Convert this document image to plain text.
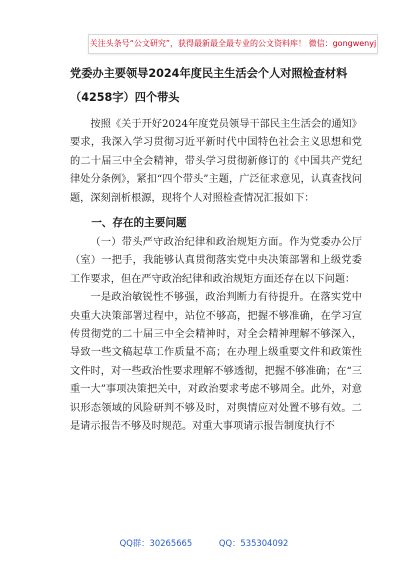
关注头条号“公文研究”，获得最新最全最专业的公文资料库！ 微信：gongwenyj
党委办主要领导2024年度民主生活会个人对照检查材料（4258字）四个带头

按照《关于开好2024年度党员领导干部民主生活会的通知》要求，我深入学习贯彻习近平新时代中国特色社会主义思想和党的二十届三中全会精神，带头学习贯彻新修订的《中国共产党纪律处分条例》，紧扣“四个带头”主题，广泛征求意见，认真查找问题，深刻剖析根源，现将个人对照检查情况汇报如下：

一、存在的主要问题

（一）带头严守政治纪律和政治规矩方面。作为党委办公厅（室）一把手，我能够认真贯彻落实党中央决策部署和上级党委工作要求，但在严守政治纪律和政治规矩方面还存在以下问题：

一是政治敏锐性不够强，政治判断力有待提升。在落实党中央重大决策部署过程中，站位不够高，把握不够准确，在学习宣传贯彻党的二十届三中全会精神时，对全会精神理解不够深入，导致一些文稿起草工作质量不高；在办理上级重要文件和政策性文件时，对一些政治性要求理解不够透彻，把握不够准确；在“三重一大”事项决策把关中，对政治要求考虑不够周全。此外，对意识形态领域的风险研判不够及时，对舆情应对处置不够有效。二是请示报告不够及时规范。对重大事项请示报告制度执行不

QQ群：30265665	QQ：535304092
